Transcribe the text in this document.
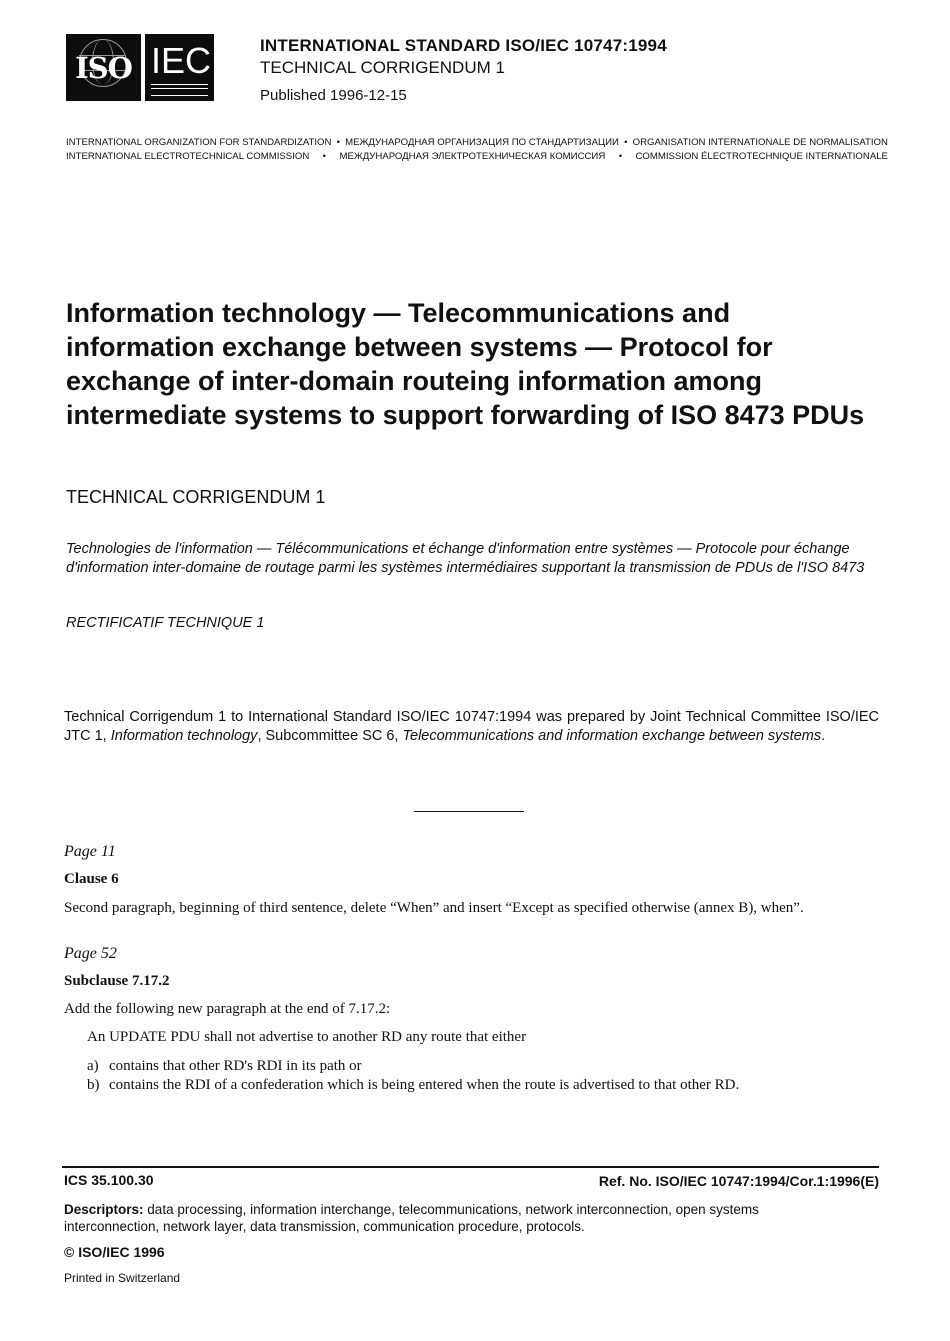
ISO IEC	INTERNATIONAL STANDARD ISO/IEC 10747:1994
TECHNICAL CORRIGENDUM 1
Published 1996-12-15
INTERNATIONAL ORGANIZATION FOR STANDARDIZATION • МЕЖДУНАРОДНАЯ ОРГАНИЗАЦИЯ ПО СТАНДАРТИЗАЦИИ • ORGANISATION INTERNATIONALE DE NORMALISATION
INTERNATIONAL ELECTROTECHNICAL COMMISSION • МЕЖДУНАРОДНАЯ ЭЛЕКТРОТЕХНИЧЕСКАЯ КОМИССИЯ • COMMISSION ÉLECTROTECHNIQUE INTERNATIONALE
Information technology — Telecommunications and information exchange between systems — Protocol for exchange of inter-domain routeing information among intermediate systems to support forwarding of ISO 8473 PDUs
TECHNICAL CORRIGENDUM 1
Technologies de l'information — Télécommunications et échange d'information entre systèmes — Protocole pour échange d'information inter-domaine de routage parmi les systèmes intermédiaires supportant la transmission de PDUs de l'ISO 8473
RECTIFICATIF TECHNIQUE 1
Technical Corrigendum 1 to International Standard ISO/IEC 10747:1994 was prepared by Joint Technical Committee ISO/IEC JTC 1, Information technology, Subcommittee SC 6, Telecommunications and information exchange between systems.
Page 11
Clause 6
Second paragraph, beginning of third sentence, delete “When” and insert “Except as specified otherwise (annex B), when”.
Page 52
Subclause 7.17.2
Add the following new paragraph at the end of 7.17.2:
An UPDATE PDU shall not advertise to another RD any route that either
a) contains that other RD's RDI in its path or
b) contains the RDI of a confederation which is being entered when the route is advertised to that other RD.
ICS 35.100.30	Ref. No. ISO/IEC 10747:1994/Cor.1:1996(E)
Descriptors: data processing, information interchange, telecommunications, network interconnection, open systems interconnection, network layer, data transmission, communication procedure, protocols.
© ISO/IEC 1996
Printed in Switzerland
